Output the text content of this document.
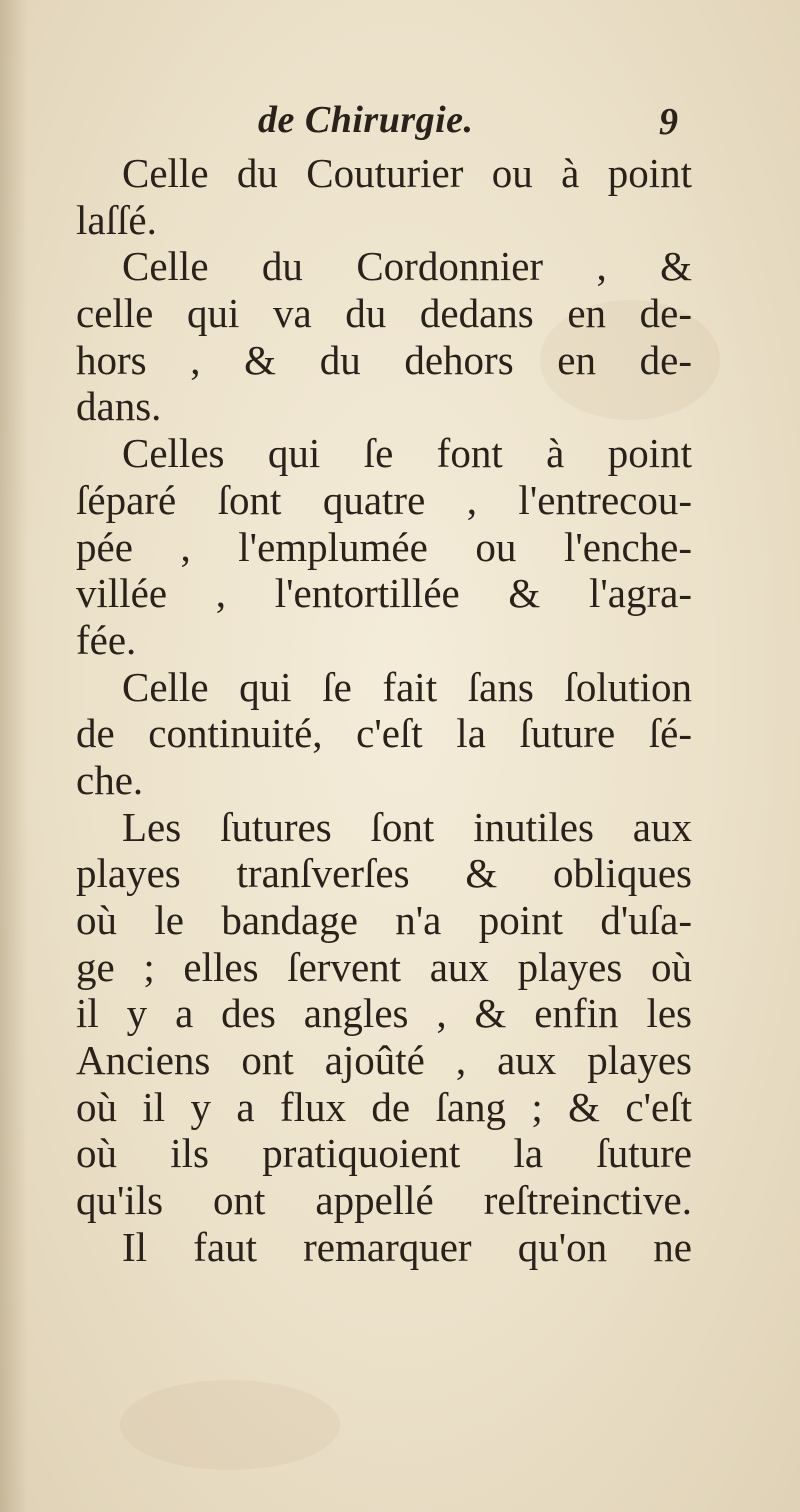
de Chirurgie.	9
Celle du Couturier ou à point
laſſé.
Celle du Cordonnier , &
celle qui va du dedans en de-
hors , & du dehors en de-
dans.
Celles qui ſe font à point
ſéparé ſont quatre , l'entrecou-
pée , l'emplumée ou l'enche-
villée , l'entortillée & l'agra-
fée.
Celle qui ſe fait ſans ſolution
de continuité, c'eſt la ſuture ſé-
che.
Les ſutures ſont inutiles aux
playes tranſverſes & obliques
où le bandage n'a point d'uſa-
ge ; elles ſervent aux playes où
il y a des angles , & enfin les
Anciens ont ajoûté , aux playes
où il y a flux de ſang ; & c'eſt
où ils pratiquoient la ſuture
qu'ils ont appellé reſtreinctive.
Il faut remarquer qu'on ne
